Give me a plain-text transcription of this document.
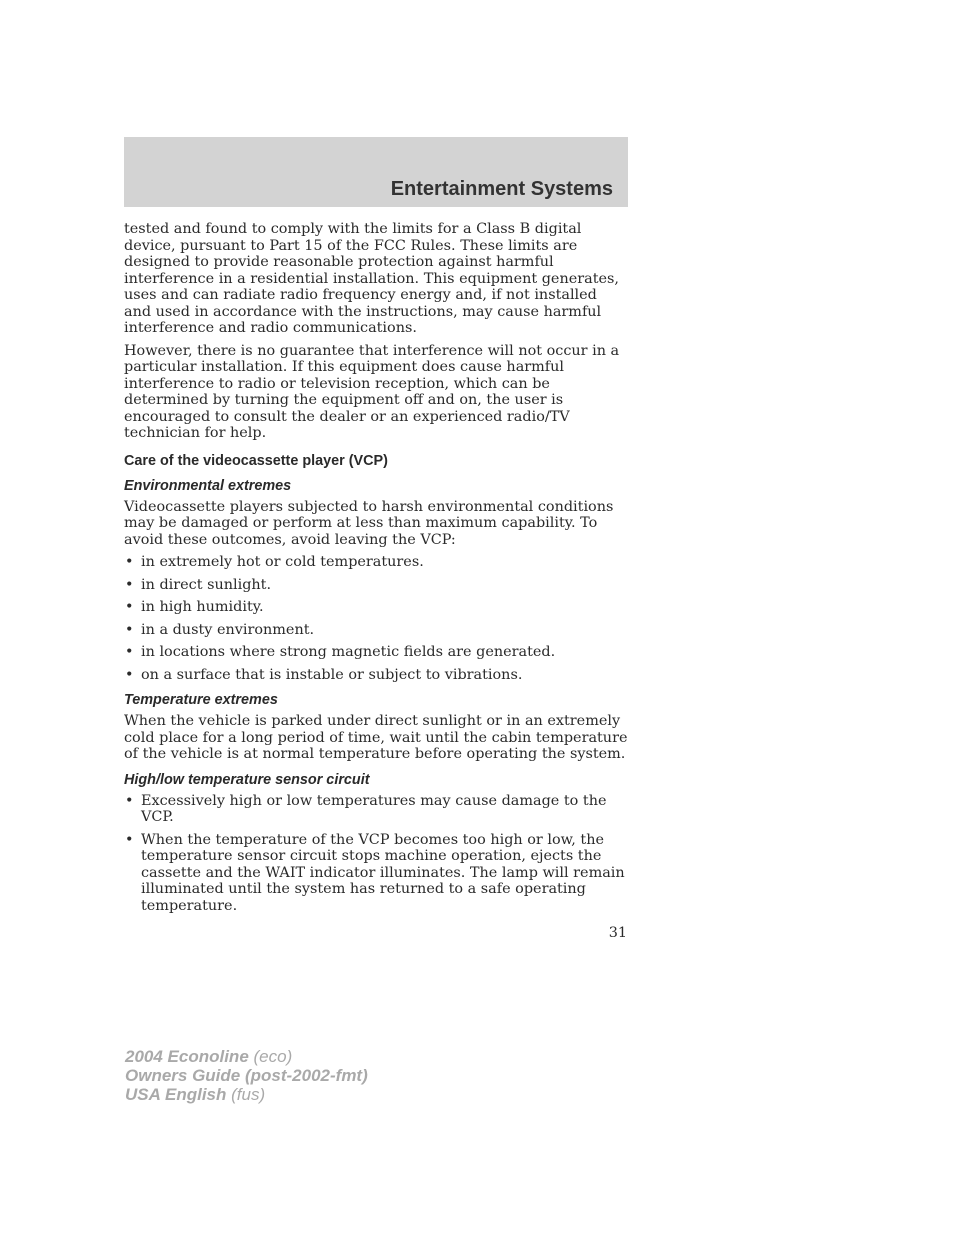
Entertainment Systems

tested and found to comply with the limits for a Class B digital device, pursuant to Part 15 of the FCC Rules. These limits are designed to provide reasonable protection against harmful interference in a residential installation. This equipment generates, uses and can radiate radio frequency energy and, if not installed and used in accordance with the instructions, may cause harmful interference and radio communications.

However, there is no guarantee that interference will not occur in a particular installation. If this equipment does cause harmful interference to radio or television reception, which can be determined by turning the equipment off and on, the user is encouraged to consult the dealer or an experienced radio/TV technician for help.

Care of the videocassette player (VCP)
Environmental extremes

Videocassette players subjected to harsh environmental conditions may be damaged or perform at less than maximum capability. To avoid these outcomes, avoid leaving the VCP:

• in extremely hot or cold temperatures.
• in direct sunlight.
• in high humidity.
• in a dusty environment.
• in locations where strong magnetic fields are generated.
• on a surface that is instable or subject to vibrations.
Temperature extremes

When the vehicle is parked under direct sunlight or in an extremely cold place for a long period of time, wait until the cabin temperature of the vehicle is at normal temperature before operating the system.

High/low temperature sensor circuit
• Excessively high or low temperatures may cause damage to the VCP.
• When the temperature of the VCP becomes too high or low, the temperature sensor circuit stops machine operation, ejects the cassette and the WAIT indicator illuminates. The lamp will remain illuminated until the system has returned to a safe operating temperature.
31
2004 Econoline (eco)
Owners Guide (post-2002-fmt)
USA English (fus)
